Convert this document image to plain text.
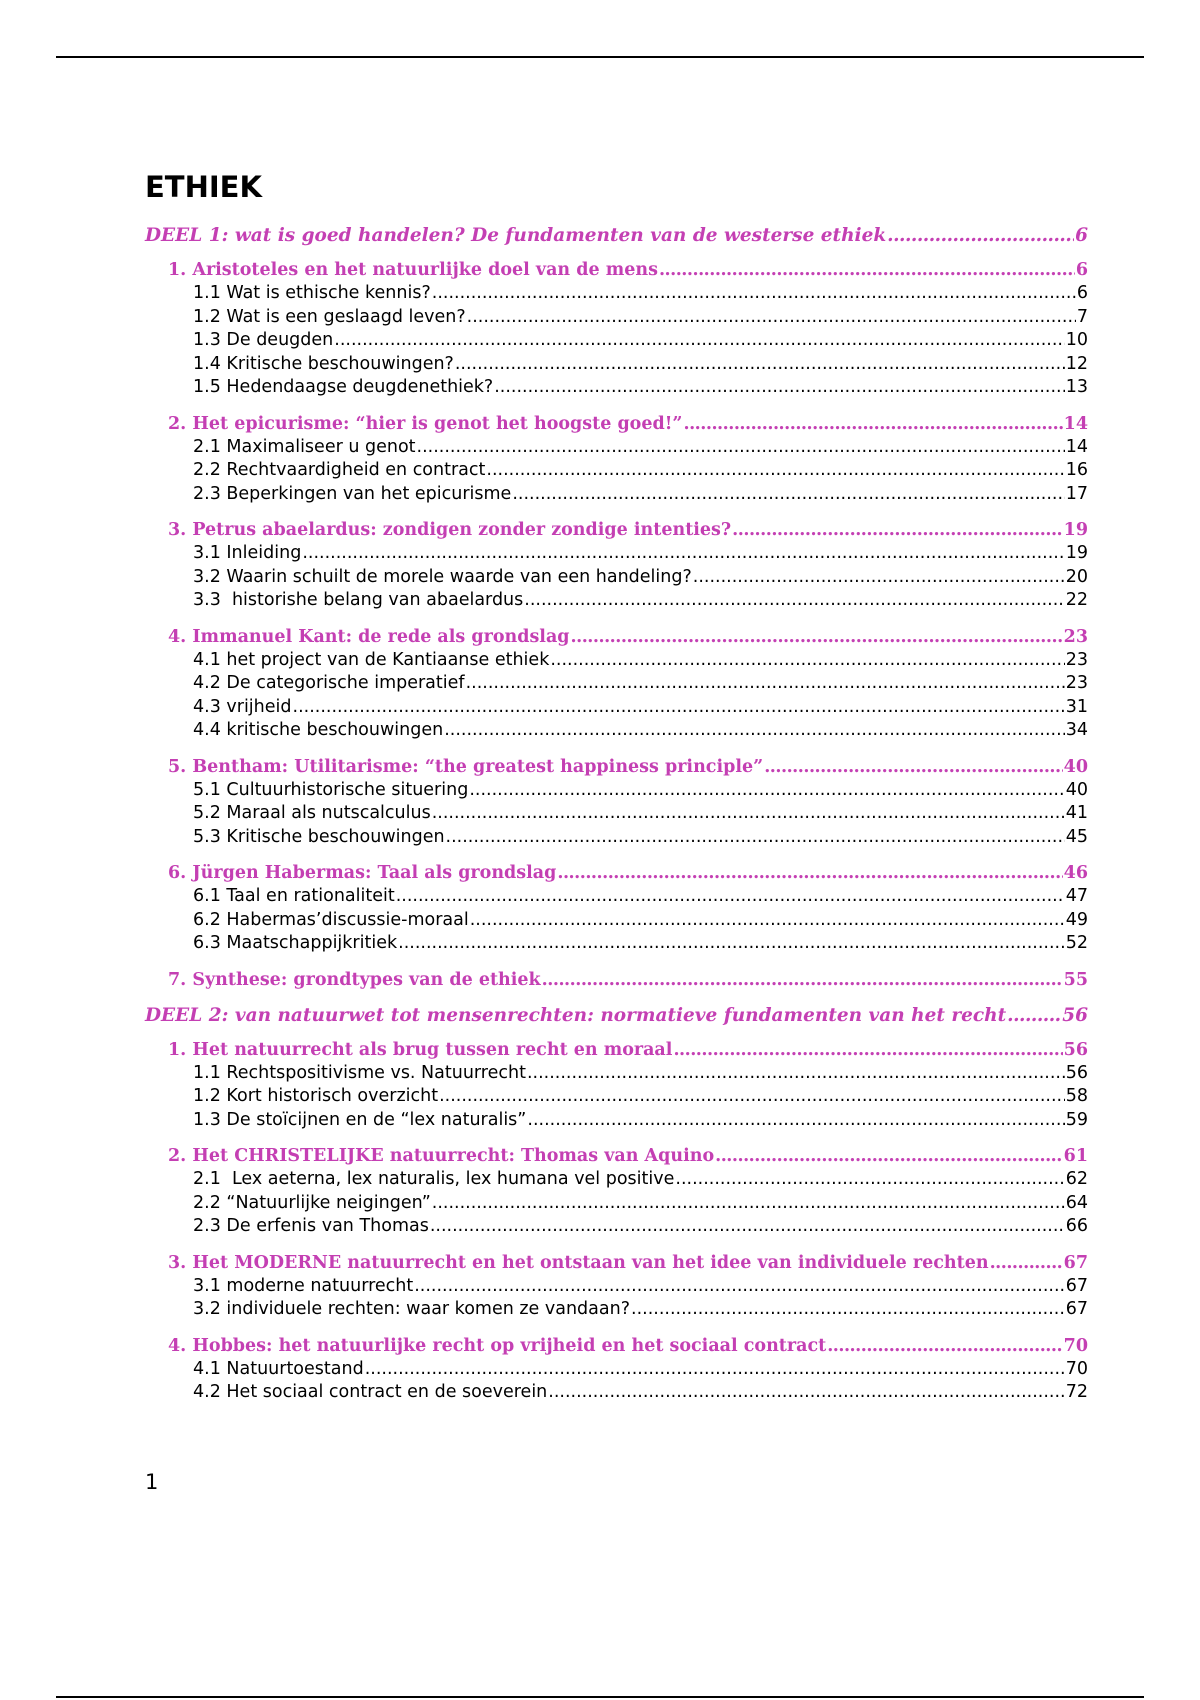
ETHIEK
DEEL 1: wat is goed handelen? De fundamenten van de westerse ethiek .....	6
1. Aristoteles en het natuurlijke doel van de mens .....	6
1.1 Wat is ethische kennis? .....	6
1.2 Wat is een geslaagd leven? .....	7
1.3 De deugden .....	10
1.4 Kritische beschouwingen? .....	12
1.5 Hedendaagse deugdenethiek? .....	13
2. Het epicurisme: “hier is genot het hoogste goed!” .....	14
2.1 Maximaliseer u genot .....	14
2.2 Rechtvaardigheid en contract .....	16
2.3 Beperkingen van het epicurisme .....	17
3. Petrus abaelardus: zondigen zonder zondige intenties? .....	19
3.1 Inleiding .....	19
3.2 Waarin schuilt de morele waarde van een handeling? .....	20
3.3  historishe belang van abaelardus .....	22
4. Immanuel Kant: de rede als grondslag .....	23
4.1 het project van de Kantiaanse ethiek .....	23
4.2 De categorische imperatief .....	23
4.3 vrijheid .....	31
4.4 kritische beschouwingen .....	34
5. Bentham: Utilitarisme: “the greatest happiness principle” .....	40
5.1 Cultuurhistorische situering .....	40
5.2 Maraal als nutscalculus .....	41
5.3 Kritische beschouwingen .....	45
6. Jürgen Habermas: Taal als grondslag .....	46
6.1 Taal en rationaliteit .....	47
6.2 Habermas’discussie-moraal .....	49
6.3 Maatschappijkritiek .....	52
7. Synthese: grondtypes van de ethiek .....	55
DEEL 2: van natuurwet tot mensenrechten: normatieve fundamenten van het recht .....	56
1. Het natuurrecht als brug tussen recht en moraal .....	56
1.1 Rechtspositivisme vs. Natuurrecht .....	56
1.2 Kort historisch overzicht .....	58
1.3 De stoïcijnen en de “lex naturalis” .....	59
2. Het CHRISTELIJKE natuurrecht: Thomas van Aquino .....	61
2.1  Lex aeterna, lex naturalis, lex humana vel positive .....	62
2.2 “Natuurlijke neigingen” .....	64
2.3 De erfenis van Thomas .....	66
3. Het MODERNE natuurrecht en het ontstaan van het idee van individuele rechten .....	67
3.1 moderne natuurrecht .....	67
3.2 individuele rechten: waar komen ze vandaan? .....	67
4. Hobbes: het natuurlijke recht op vrijheid en het sociaal contract .....	70
4.1 Natuurtoestand .....	70
4.2 Het sociaal contract en de soeverein .....	72
1
